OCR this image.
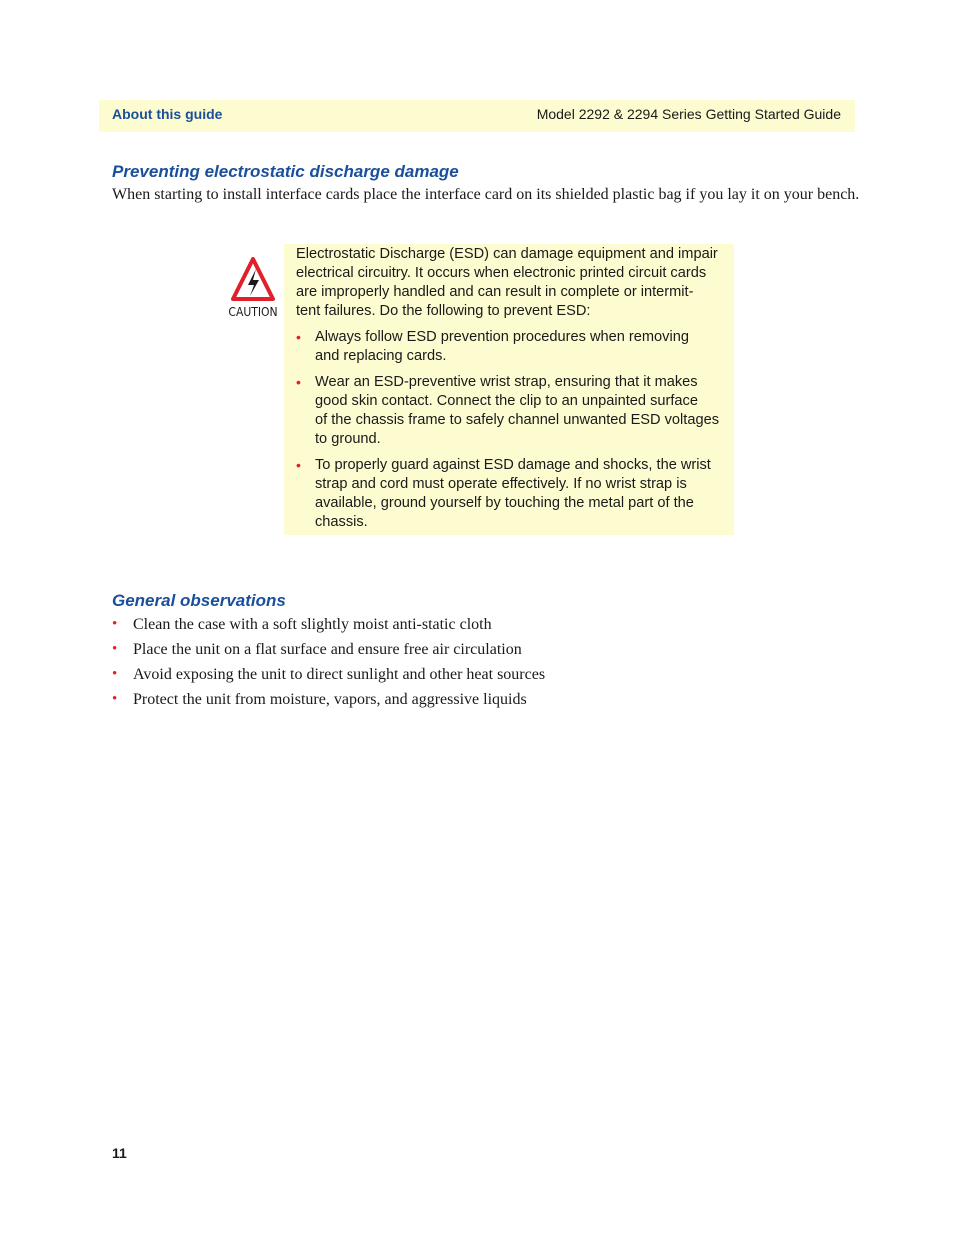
About this guide	Model 2292 & 2294 Series Getting Started Guide
Preventing electrostatic discharge damage
When starting to install interface cards place the interface card on its shielded plastic bag if you lay it on your bench.
CAUTION

Electrostatic Discharge (ESD) can damage equipment and impair
electrical circuitry. It occurs when electronic printed circuit cards
are improperly handled and can result in complete or intermit-
tent failures. Do the following to prevent ESD:

• Always follow ESD prevention procedures when removing
and replacing cards.
• Wear an ESD-preventive wrist strap, ensuring that it makes
good skin contact. Connect the clip to an unpainted surface
of the chassis frame to safely channel unwanted ESD voltages
to ground.
• To properly guard against ESD damage and shocks, the wrist
strap and cord must operate effectively. If no wrist strap is
available, ground yourself by touching the metal part of the
chassis.
General observations
• Clean the case with a soft slightly moist anti-static cloth
• Place the unit on a flat surface and ensure free air circulation
• Avoid exposing the unit to direct sunlight and other heat sources
• Protect the unit from moisture, vapors, and aggressive liquids
11
